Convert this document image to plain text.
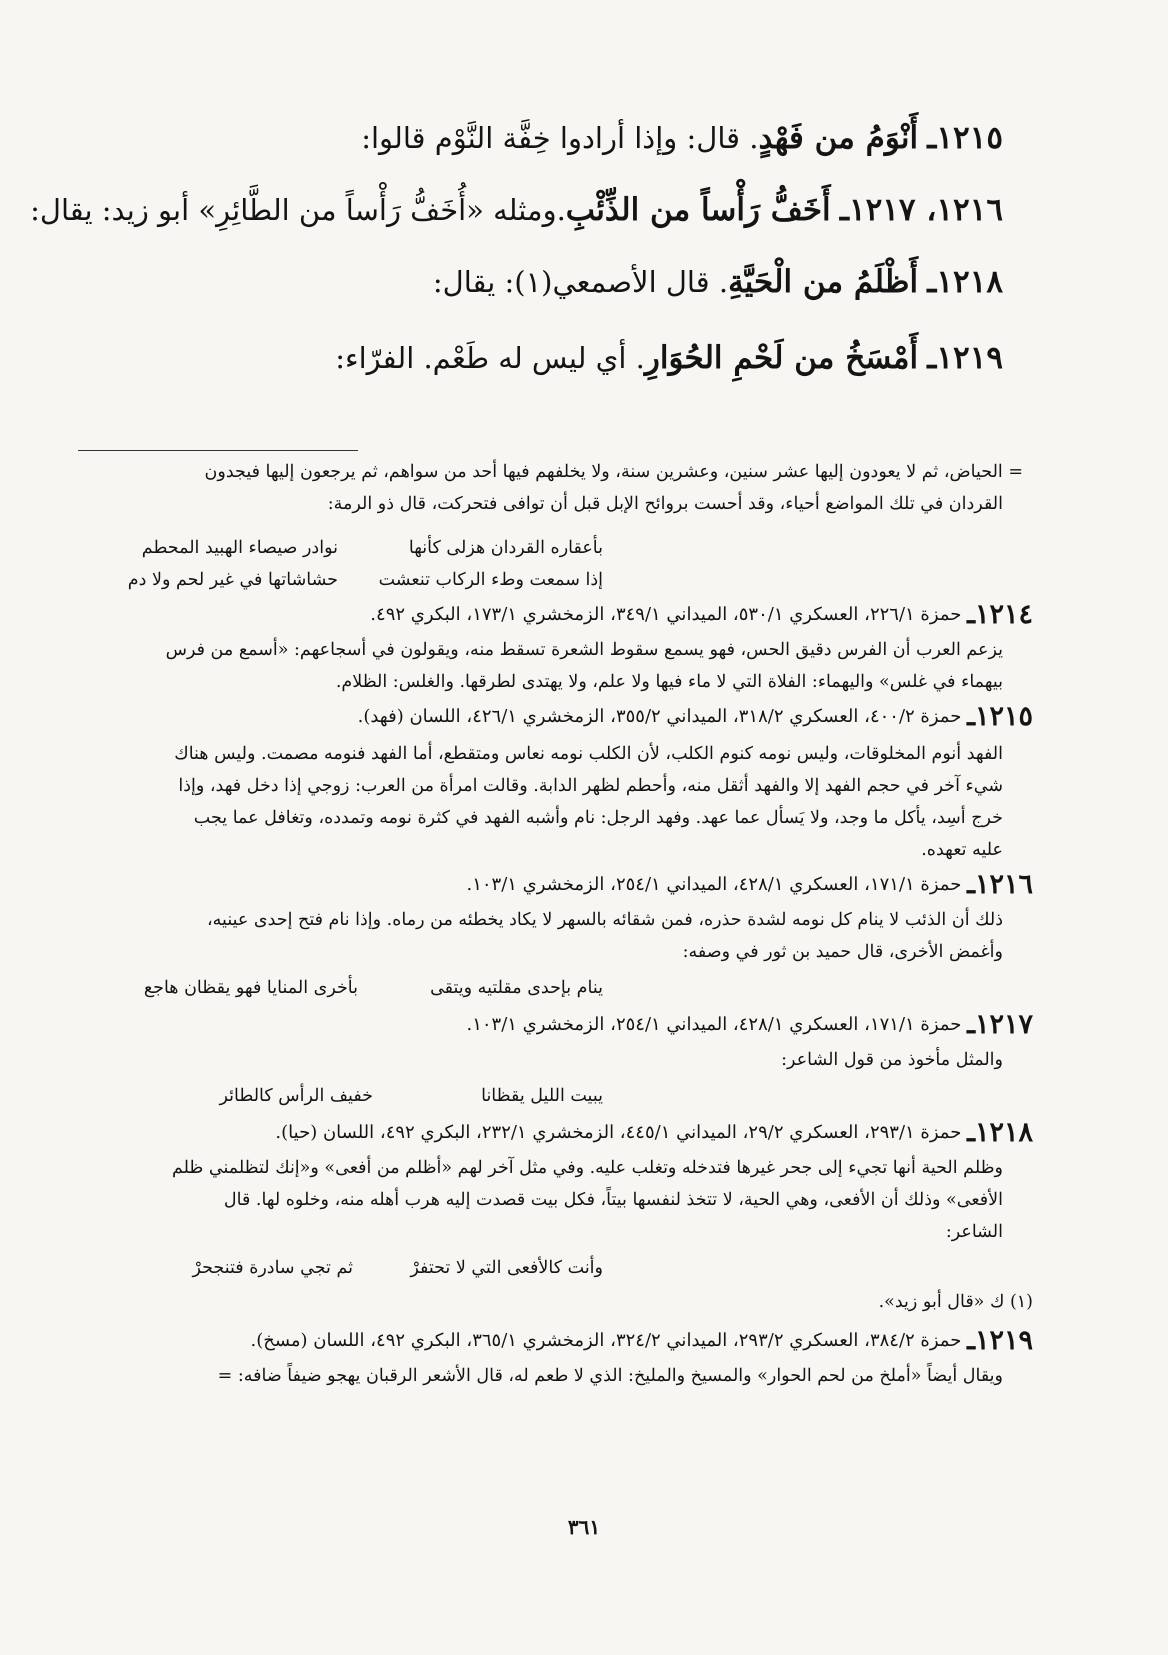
١٢١٥ـ أَنْوَمُ من فَهْدٍ. قال: وإذا أرادوا خِفَّة النَّوْم قالوا:
١٢١٦، ١٢١٧ـ أَخَفُّ رَأْساً من الذِّئْبِ.ومثله «أُخَفُّ رَأْساً من الطَّائِرِ» أبو زيد: يقال:
١٢١٨ـ أَظْلَمُ من الْحَيَّةِ. قال الأصمعي(١): يقال:
١٢١٩ـ أَمْسَخُ من لَحْمِ الحُوَارِ. أي ليس له طَعْم. الفرّاء:
= الحياض، ثم لا يعودون إليها عشر سنين، وعشرين سنة، ولا يخلفهم فيها أحد من سواهم، ثم يرجعون إليها فيجدون
القردان في تلك المواضع أحياء، وقد أحست بروائح الإبل قبل أن توافى فتحركت، قال ذو الرمة:
بأعقاره القردان هزلى كأنها
نوادر صيصاء الهبيد المحطم
إذا سمعت وطء الركاب تنعشت
حشاشاتها في غير لحم ولا دم
١٢١٤ـ حمزة ٢٢٦/١، العسكري ٥٣٠/١، الميداني ٣٤٩/١، الزمخشري ١٧٣/١، البكري ٤٩٢.
يزعم العرب أن الفرس دقيق الحس، فهو يسمع سقوط الشعرة تسقط منه، ويقولون في أسجاعهم: «أسمع من فرس
بيهماء في غلس» واليهماء: الفلاة التي لا ماء فيها ولا علم، ولا يهتدى لطرقها. والغلس: الظلام.
١٢١٥ـ حمزة ٤٠٠/٢، العسكري ٣١٨/٢، الميداني ٣٥٥/٢، الزمخشري ٤٢٦/١، اللسان (فهد).
الفهد أنوم المخلوقات، وليس نومه كنوم الكلب، لأن الكلب نومه نعاس ومتقطع، أما الفهد فنومه مصمت. وليس هناك
شيء آخر في حجم الفهد إلا والفهد أثقل منه، وأحطم لظهر الدابة. وقالت امرأة من العرب: زوجي إذا دخل فهد، وإذا
خرج أسِد، يأكل ما وجد، ولا يَسأل عما عهد. وفهد الرجل: نام وأشبه الفهد في كثرة نومه وتمدده، وتغافل عما يجب
عليه تعهده.
١٢١٦ـ حمزة ١٧١/١، العسكري ٤٢٨/١، الميداني ٢٥٤/١، الزمخشري ١٠٣/١.
ذلك أن الذئب لا ينام كل نومه لشدة حذره، فمن شقائه بالسهر لا يكاد يخطئه من رماه. وإذا نام فتح إحدى عينيه،
وأغمض الأخرى، قال حميد بن ثور في وصفه:
ينام بإحدى مقلتيه ويتقى
بأخرى المنايا فهو يقظان هاجع
١٢١٧ـ حمزة ١٧١/١، العسكري ٤٢٨/١، الميداني ٢٥٤/١، الزمخشري ١٠٣/١.
والمثل مأخوذ من قول الشاعر:
يبيت الليل يقظانا
خفيف الرأس كالطائر
١٢١٨ـ حمزة ٢٩٣/١، العسكري ٢٩/٢، الميداني ٤٤٥/١، الزمخشري ٢٣٢/١، البكري ٤٩٢، اللسان (حيا).
وظلم الحية أنها تجيء إلى جحر غيرها فتدخله وتغلب عليه. وفي مثل آخر لهم «أظلم من أفعى» و«إنك لتظلمني ظلم
الأفعى» وذلك أن الأفعى، وهي الحية، لا تتخذ لنفسها بيتاً، فكل بيت قصدت إليه هرب أهله منه، وخلوه لها. قال
الشاعر:
وأنت كالأفعى التي لا تحتفرْ
ثم تجي سادرة فتنجحرْ
(١) ك «قال أبو زيد».
١٢١٩ـ حمزة ٣٨٤/٢، العسكري ٢٩٣/٢، الميداني ٣٢٤/٢، الزمخشري ٣٦٥/١، البكري ٤٩٢، اللسان (مسخ).
ويقال أيضاً «أملخ من لحم الحوار» والمسيخ والمليخ: الذي لا طعم له، قال الأشعر الرقبان يهجو ضيفاً ضافه: =
٣٦١
